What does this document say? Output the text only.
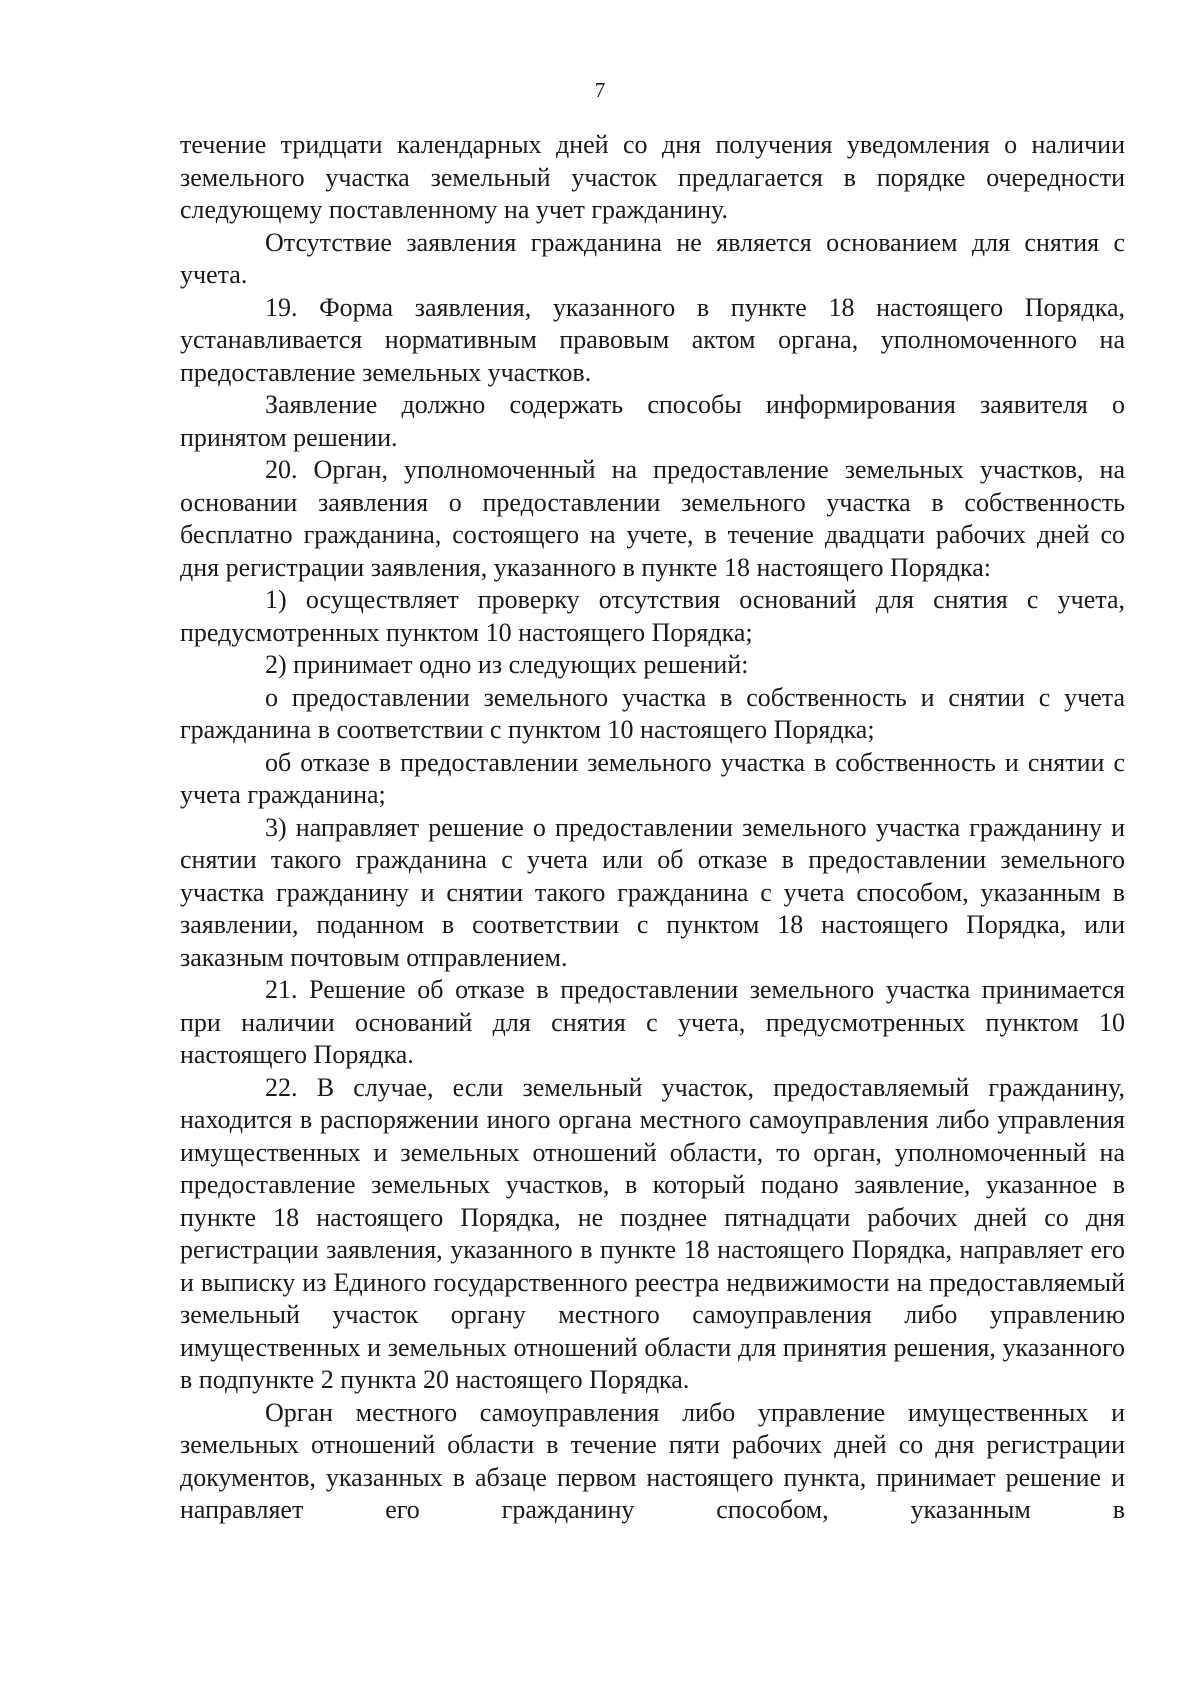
7

течение тридцати календарных дней со дня получения уведомления о наличии земельного участка земельный участок предлагается в порядке очередности следующему поставленному на учет гражданину.

Отсутствие заявления гражданина не является основанием для снятия с учета.

19. Форма заявления, указанного в пункте 18 настоящего Порядка, устанавливается нормативным правовым актом органа, уполномоченного на предоставление земельных участков.

Заявление должно содержать способы информирования заявителя о принятом решении.

20. Орган, уполномоченный на предоставление земельных участков, на основании заявления о предоставлении земельного участка в собственность бесплатно гражданина, состоящего на учете, в течение двадцати рабочих дней со дня регистрации заявления, указанного в пункте 18 настоящего Порядка:

1) осуществляет проверку отсутствия оснований для снятия с учета, предусмотренных пунктом 10 настоящего Порядка;

2) принимает одно из следующих решений:

о предоставлении земельного участка в собственность и снятии с учета гражданина в соответствии с пунктом 10 настоящего Порядка;

об отказе в предоставлении земельного участка в собственность и снятии с учета гражданина;

3) направляет решение о предоставлении земельного участка гражданину и снятии такого гражданина с учета или об отказе в предоставлении земельного участка гражданину и снятии такого гражданина с учета способом, указанным в заявлении, поданном в соответствии с пунктом 18 настоящего Порядка, или заказным почтовым отправлением.

21. Решение об отказе в предоставлении земельного участка принимается при наличии оснований для снятия с учета, предусмотренных пунктом 10 настоящего Порядка.

22. В случае, если земельный участок, предоставляемый гражданину, находится в распоряжении иного органа местного самоуправления либо управления имущественных и земельных отношений области, то орган, уполномоченный на предоставление земельных участков, в который подано заявление, указанное в пункте 18 настоящего Порядка, не позднее пятнадцати рабочих дней со дня регистрации заявления, указанного в пункте 18 настоящего Порядка, направляет его и выписку из Единого государственного реестра недвижимости на предоставляемый земельный участок органу местного самоуправления либо управлению имущественных и земельных отношений области для принятия решения, указанного в подпункте 2 пункта 20 настоящего Порядка.

Орган местного самоуправления либо управление имущественных и земельных отношений области в течение пяти рабочих дней со дня регистрации документов, указанных в абзаце первом настоящего пункта, принимает решение и направляет его гражданину способом, указанным в
